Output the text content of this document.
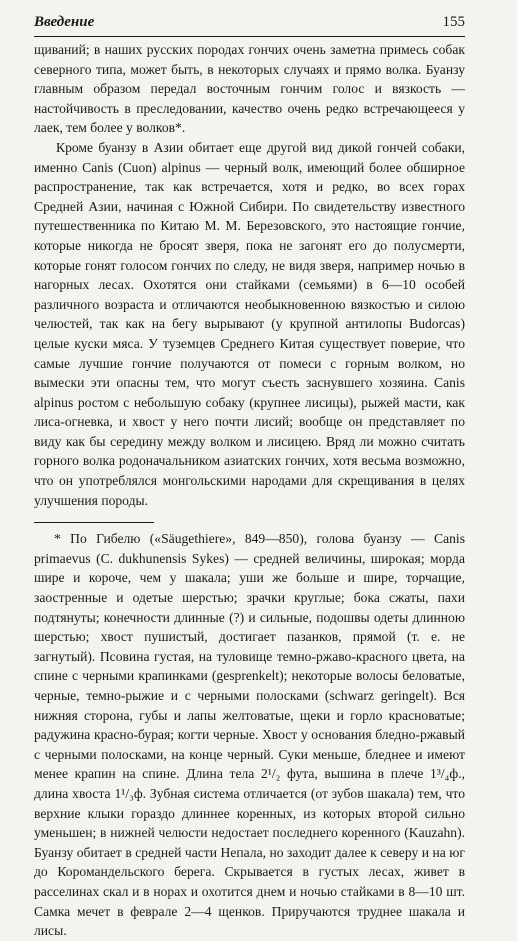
Введение	155

щиваний; в наших русских породах гончих очень заметна примесь собак северного типа, может быть, в некоторых случаях и прямо волка. Буанзу главным образом передал восточным гончим голос и вязкость — настойчивость в преследовании, качество очень редко встречающееся у лаек, тем более у волков*.

Кроме буанзу в Азии обитает еще другой вид дикой гончей собаки, именно Canis (Cuon) alpinus — черный волк, имеющий более обширное распространение, так как встречается, хотя и редко, во всех горах Средней Азии, начиная с Южной Сибири. По свидетельству известного путешественника по Китаю М. М. Березовского, это настоящие гончие, которые никогда не бросят зверя, пока не загонят его до полусмерти, которые гонят голосом гончих по следу, не видя зверя, например ночью в нагорных лесах. Охотятся они стайками (семьями) в 6—10 особей различного возраста и отличаются необыкновенною вязкостью и силою челюстей, так как на бегу вырывают (у крупной антилопы Budorcas) целые куски мяса. У туземцев Среднего Китая существует поверие, что самые лучшие гончие получаются от помеси с горным волком, но вымески эти опасны тем, что могут съесть заснувшего хозяина. Canis alpinus ростом с небольшую собаку (крупнее лисицы), рыжей масти, как лиса-огневка, и хвост у него почти лисий; вообще он представляет по виду как бы середину между волком и лисицею. Вряд ли можно считать горного волка родоначальником азиатских гончих, хотя весьма возможно, что он употреблялся монгольскими народами для скрещивания в целях улучшения породы.

* По Гибелю («Säugethiere», 849—850), голова буанзу — Canis primaevus (C. dukhunensis Sykes) — средней величины, широкая; морда шире и короче, чем у шакала; уши же больше и шире, торчащие, заостренные и одетые шерстью; зрачки круглые; бока сжаты, пахи подтянуты; конечности длинные (?) и сильные, подошвы одеты длинною шерстью; хвост пушистый, достигает пазанков, прямой (т. е. не загнутый). Псовина густая, на туловище темно-ржаво-красного цвета, на спине с черными крапинками (gesprenkelt); некоторые волосы беловатые, черные, темно-рыжие и с черными полосками (schwarz geringelt). Вся нижняя сторона, губы и лапы желтоватые, щеки и горло красноватые; радужина красно-бурая; когти черные. Хвост у основания бледно-ржавый с черными полосками, на конце черный. Суки меньше, бледнее и имеют менее крапин на спине. Длина тела 2¹/₂ фута, вышина в плече 1³/₄ф., длина хвоста 1¹/₃ф. Зубная система отличается (от зубов шакала) тем, что верхние клыки гораздо длиннее коренных, из которых второй сильно уменьшен; в нижней челюсти недостает последнего коренного (Kauzahn). Буанзу обитает в средней части Непала, но заходит далее к северу и на юг до Коромандельского берега. Скрывается в густых лесах, живет в расселинах скал и в норах и охотится днем и ночью стайками в 8—10 шт. Самка мечет в феврале 2—4 щенков. Приручаются труднее шакала и лисы.
